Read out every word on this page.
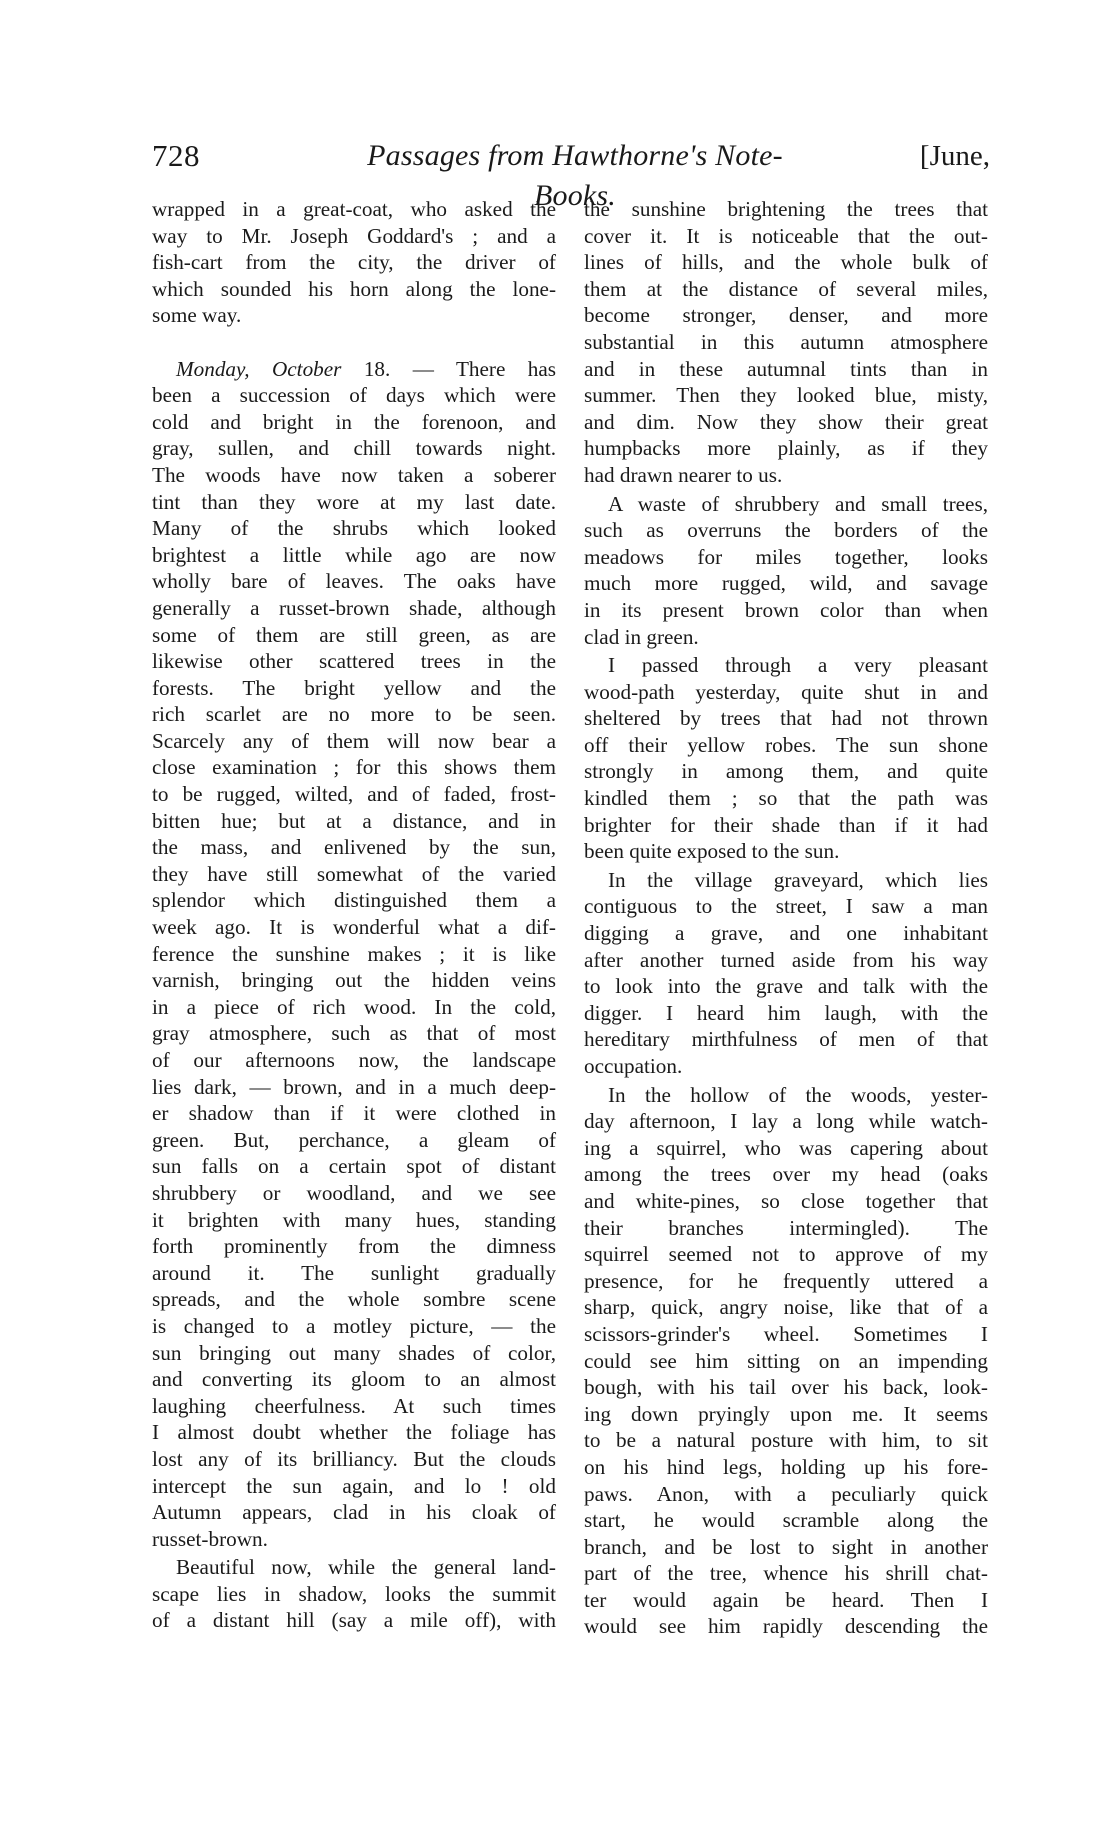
728	Passages from Hawthorne's Note-Books.
[June,
wrapped in a great-coat, who asked the
way to Mr. Joseph Goddard's ; and a
fish-cart from the city, the driver of
which sounded his horn along the lone-
some way.
Monday, October 18. — There has
been a succession of days which were
cold and bright in the forenoon, and
gray, sullen, and chill towards night.
The woods have now taken a soberer
tint than they wore at my last date.
Many of the shrubs which looked
brightest a little while ago are now
wholly bare of leaves. The oaks have
generally a russet-brown shade, although
some of them are still green, as are
likewise other scattered trees in the
forests. The bright yellow and the
rich scarlet are no more to be seen.
Scarcely any of them will now bear a
close examination ; for this shows them
to be rugged, wilted, and of faded, frost-
bitten hue; but at a distance, and in
the mass, and enlivened by the sun,
they have still somewhat of the varied
splendor which distinguished them a
week ago. It is wonderful what a dif-
ference the sunshine makes ; it is like
varnish, bringing out the hidden veins
in a piece of rich wood. In the cold,
gray atmosphere, such as that of most
of our afternoons now, the landscape
lies dark, — brown, and in a much deep-
er shadow than if it were clothed in
green. But, perchance, a gleam of
sun falls on a certain spot of distant
shrubbery or woodland, and we see
it brighten with many hues, standing
forth prominently from the dimness
around it. The sunlight gradually
spreads, and the whole sombre scene
is changed to a motley picture, — the
sun bringing out many shades of color,
and converting its gloom to an almost
laughing cheerfulness. At such times
I almost doubt whether the foliage has
lost any of its brilliancy. But the clouds
intercept the sun again, and lo ! old
Autumn appears, clad in his cloak of
russet-brown.
Beautiful now, while the general land-
scape lies in shadow, looks the summit
of a distant hill (say a mile off), with
the sunshine brightening the trees that
cover it. It is noticeable that the out-
lines of hills, and the whole bulk of
them at the distance of several miles,
become stronger, denser, and more
substantial in this autumn atmosphere
and in these autumnal tints than in
summer. Then they looked blue, misty,
and dim. Now they show their great
humpbacks more plainly, as if they
had drawn nearer to us.
A waste of shrubbery and small trees,
such as overruns the borders of the
meadows for miles together, looks
much more rugged, wild, and savage
in its present brown color than when
clad in green.
I passed through a very pleasant
wood-path yesterday, quite shut in and
sheltered by trees that had not thrown
off their yellow robes. The sun shone
strongly in among them, and quite
kindled them ; so that the path was
brighter for their shade than if it had
been quite exposed to the sun.
In the village graveyard, which lies
contiguous to the street, I saw a man
digging a grave, and one inhabitant
after another turned aside from his way
to look into the grave and talk with the
digger. I heard him laugh, with the
hereditary mirthfulness of men of that
occupation.
In the hollow of the woods, yester-
day afternoon, I lay a long while watch-
ing a squirrel, who was capering about
among the trees over my head (oaks
and white-pines, so close together that
their branches intermingled). The
squirrel seemed not to approve of my
presence, for he frequently uttered a
sharp, quick, angry noise, like that of a
scissors-grinder's wheel. Sometimes I
could see him sitting on an impending
bough, with his tail over his back, look-
ing down pryingly upon me. It seems
to be a natural posture with him, to sit
on his hind legs, holding up his fore-
paws. Anon, with a peculiarly quick
start, he would scramble along the
branch, and be lost to sight in another
part of the tree, whence his shrill chat-
ter would again be heard. Then I
would see him rapidly descending the
